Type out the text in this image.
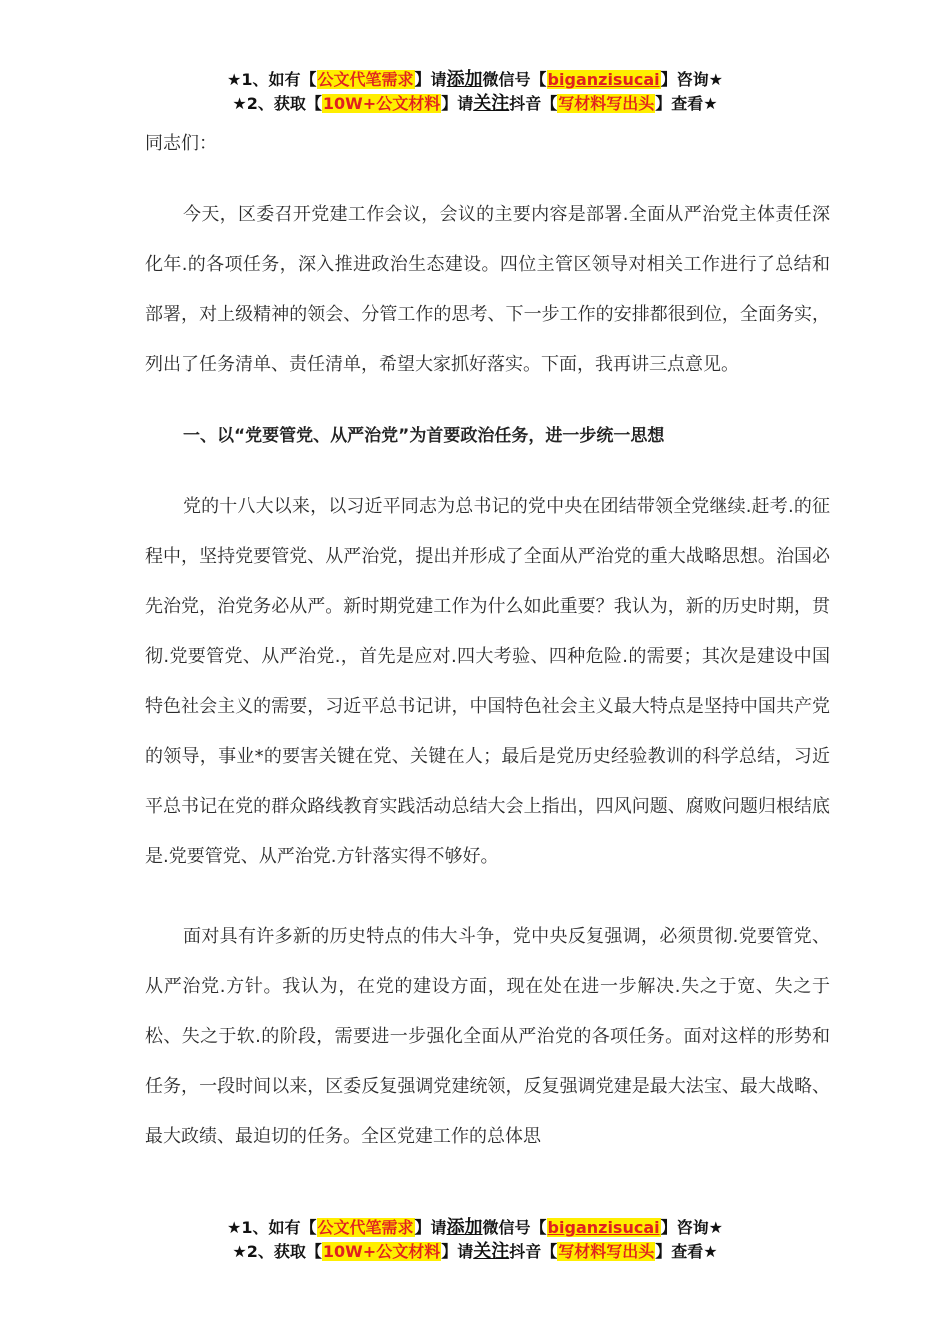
★1、如有【公文代笔需求】请添加微信号【biganzisucai】咨询★
★2、获取【10W+公文材料】请关注抖音【写材料写出头】查看★

同志们：

今天，区委召开党建工作会议，会议的主要内容是部署.全面从严治党主体责任深化年.的各项任务，深入推进政治生态建设。四位主管区领导对相关工作进行了总结和部署，对上级精神的领会、分管工作的思考、下一步工作的安排都很到位，全面务实，列出了任务清单、责任清单，希望大家抓好落实。下面，我再讲三点意见。

一、以“党要管党、从严治党”为首要政治任务，进一步统一思想

党的十八大以来，以习近平同志为总书记的党中央在团结带领全党继续.赶考.的征程中，坚持党要管党、从严治党，提出并形成了全面从严治党的重大战略思想。治国必先治党，治党务必从严。新时期党建工作为什么如此重要？我认为，新的历史时期，贯彻.党要管党、从严治党.，首先是应对.四大考验、四种危险.的需要；其次是建设中国特色社会主义的需要，习近平总书记讲，中国特色社会主义最大特点是坚持中国共产党的领导，事业*的要害关键在党、关键在人；最后是党历史经验教训的科学总结，习近平总书记在党的群众路线教育实践活动总结大会上指出，四风问题、腐败问题归根结底是.党要管党、从严治党.方针落实得不够好。

面对具有许多新的历史特点的伟大斗争，党中央反复强调，必须贯彻.党要管党、从严治党.方针。我认为，在党的建设方面，现在处在进一步解决.失之于宽、失之于松、失之于软.的阶段，需要进一步强化全面从严治党的各项任务。面对这样的形势和任务，一段时间以来，区委反复强调党建统领，反复强调党建是最大法宝、最大战略、最大政绩、最迫切的任务。全区党建工作的总体思

★1、如有【公文代笔需求】请添加微信号【biganzisucai】咨询★
★2、获取【10W+公文材料】请关注抖音【写材料写出头】查看★
